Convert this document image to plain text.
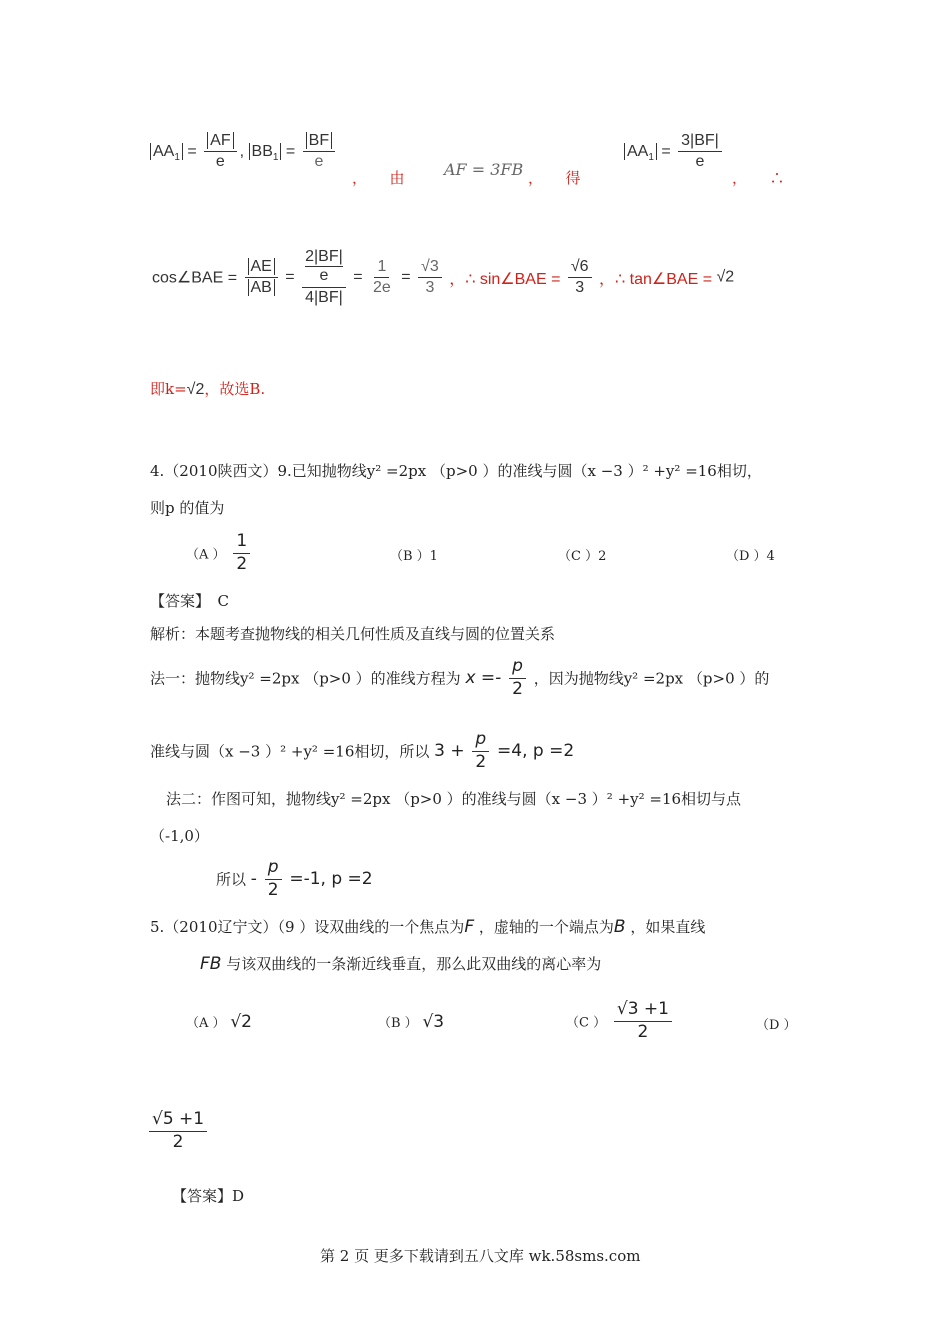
$AA_1 = \frac{AF}{e}$ , $BB_1 = \frac{BF}{e}$
，　　由 AF = 3FB ，　　得
$AA_1 = \frac{3|BF|}{e}$
，　　∴
cos∠BAE = $\frac{AE}{AB} = 2|BF|$
e
$4|BF| = \frac{1}{2e} = \frac{√3}{3}$ ，∴ sin∠BAE = $\frac{√6}{3}$ ，∴ tan∠BAE = √2
即k=√2，故选B.
4.（2010陕西文）9.已知抛物线y² =2px （p>0 ）的准线与圆（x −3 ）² +y² =16相切，
则p 的值为
（A ） $\frac{1}{2}$	（B ）1	（C ）2	（D ）4
【答案】　C
解析：本题考查抛物线的相关几何性质及直线与圆的位置关系
法一：抛物线y² =2px （p>0 ）的准线方程为 $x =- \frac{p}{2}$ ，因为抛物线y² =2px （p>0 ）的
准线与圆（x −3 ）² +y² =16相切，所以 $3 + \frac{p}{2} =4$, p =2
法二：作图可知，抛物线y² =2px （p>0 ）的准线与圆（x −3 ）² +y² =16相切与点
（-1,0）
所以 - $\frac{p}{2} =-1$, p =2
5.（2010辽宁文）（9 ）设双曲线的一个焦点为F ，虚轴的一个端点为B ，如果直线
FB 与该双曲线的一条渐近线垂直，那么此双曲线的离心率为
（A ） √2	（B ） √3	（C ） $\frac{√3 +1}{2}$	（D ）
$\frac{√5 +1}{2}$
【答案】D
第 2 页 更多下载请到五八文库 wk.58sms.com
